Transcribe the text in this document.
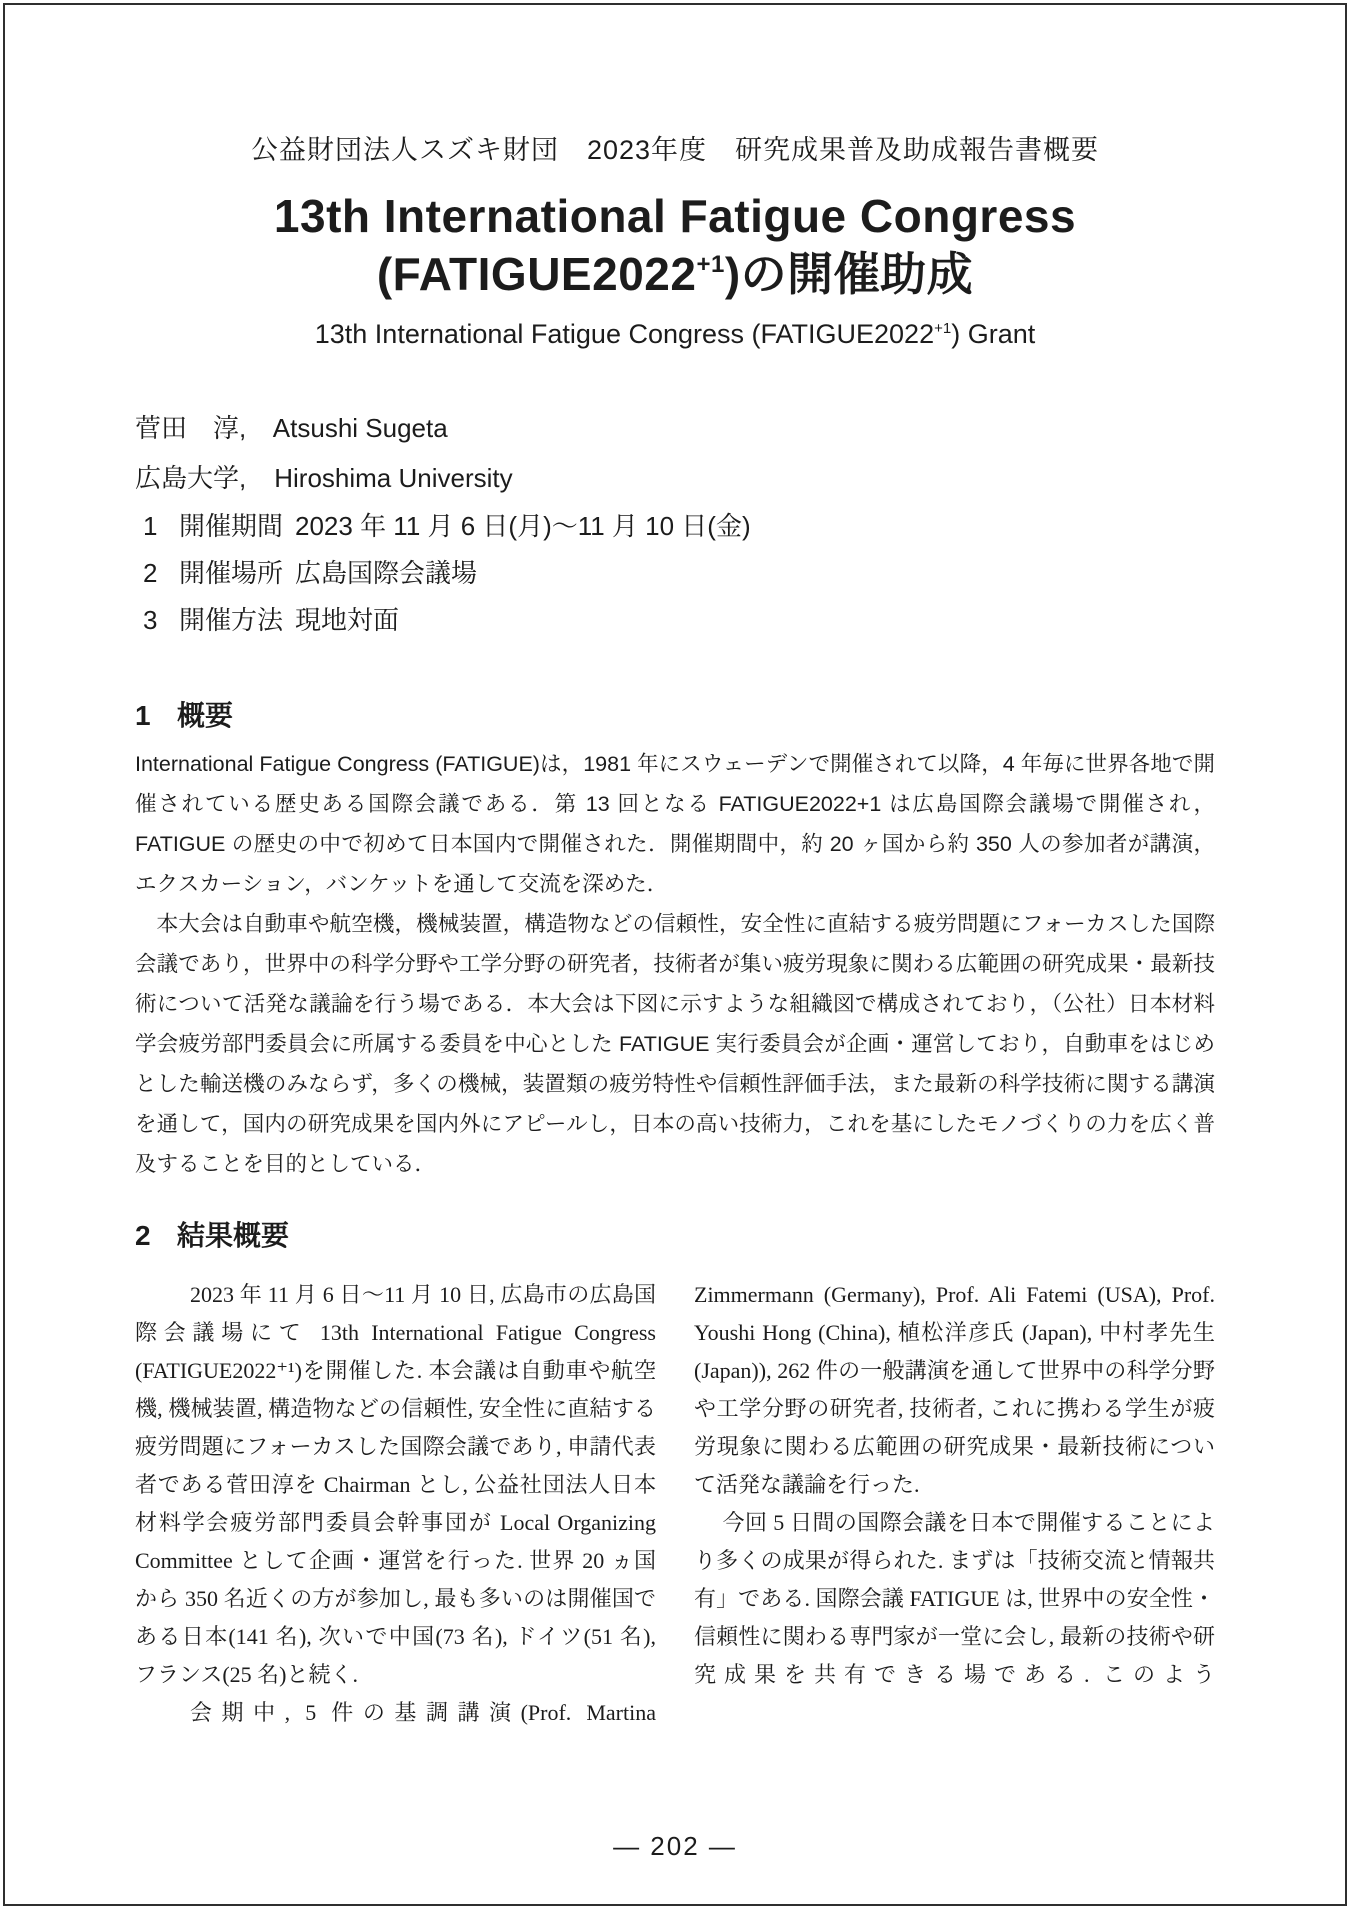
公益財団法人スズキ財団　2023年度　研究成果普及助成報告書概要
13th International Fatigue Congress
$(FATIGUE2022^{+1})$の開催助成
13th International Fatigue Congress $(FATIGUE2022^{+1})$ Grant
菅田　淳, Atsushi Sugeta
広島大学, Hiroshima University
1 開催期間 2023 年 11 月 6 日(月)～11 月 10 日(金)
2 開催場所 広島国際会議場
3 開催方法 現地対面
1 概要

International Fatigue Congress (FATIGUE)は，1981 年にスウェーデンで開催されて以降，4 年毎に世界各地で開催されている歴史ある国際会議である．第 13 回となる FATIGUE2022+1 は広島国際会議場で開催され，FATIGUE の歴史の中で初めて日本国内で開催された．開催期間中，約 20 ヶ国から約 350 人の参加者が講演，エクスカーション，バンケットを通して交流を深めた．

本大会は自動車や航空機，機械装置，構造物などの信頼性，安全性に直結する疲労問題にフォーカスした国際会議であり，世界中の科学分野や工学分野の研究者，技術者が集い疲労現象に関わる広範囲の研究成果・最新技術について活発な議論を行う場である．本大会は下図に示すような組織図で構成されており，（公社）日本材料学会疲労部門委員会に所属する委員を中心とした FATIGUE 実行委員会が企画・運営しており，自動車をはじめとした輸送機のみならず，多くの機械，装置類の疲労特性や信頼性評価手法，また最新の科学技術に関する講演を通して，国内の研究成果を国内外にアピールし，日本の高い技術力，これを基にしたモノづくりの力を広く普及することを目的としている．

2 結果概要

2023 年 11 月 6 日～11 月 10 日, 広島市の広島国際会議場にて 13th International Fatigue Congress (FATIGUE2022⁺¹)を開催した. 本会議は自動車や航空機, 機械装置, 構造物などの信頼性, 安全性に直結する疲労問題にフォーカスした国際会議であり, 申請代表者である菅田淳を Chairman とし, 公益社団法人日本材料学会疲労部門委員会幹事団が Local Organizing Committee として企画・運営を行った. 世界 20 ヵ国から 350 名近くの方が参加し, 最も多いのは開催国である日本(141 名), 次いで中国(73 名), ドイツ(51 名), フランス(25 名)と続く.

会期中, 5 件の基調講演(Prof. Martina

Zimmermann (Germany), Prof. Ali Fatemi (USA), Prof. Youshi Hong (China), 植松洋彦氏 (Japan), 中村孝先生 (Japan)), 262 件の一般講演を通して世界中の科学分野や工学分野の研究者, 技術者, これに携わる学生が疲労現象に関わる広範囲の研究成果・最新技術について活発な議論を行った.

今回 5 日間の国際会議を日本で開催することにより多くの成果が得られた. まずは「技術交流と情報共有」である. 国際会議 FATIGUE は, 世界中の安全性・信頼性に関わる専門家が一堂に会し, 最新の技術や研究成果を共有できる場である. このよう

— 202 —
